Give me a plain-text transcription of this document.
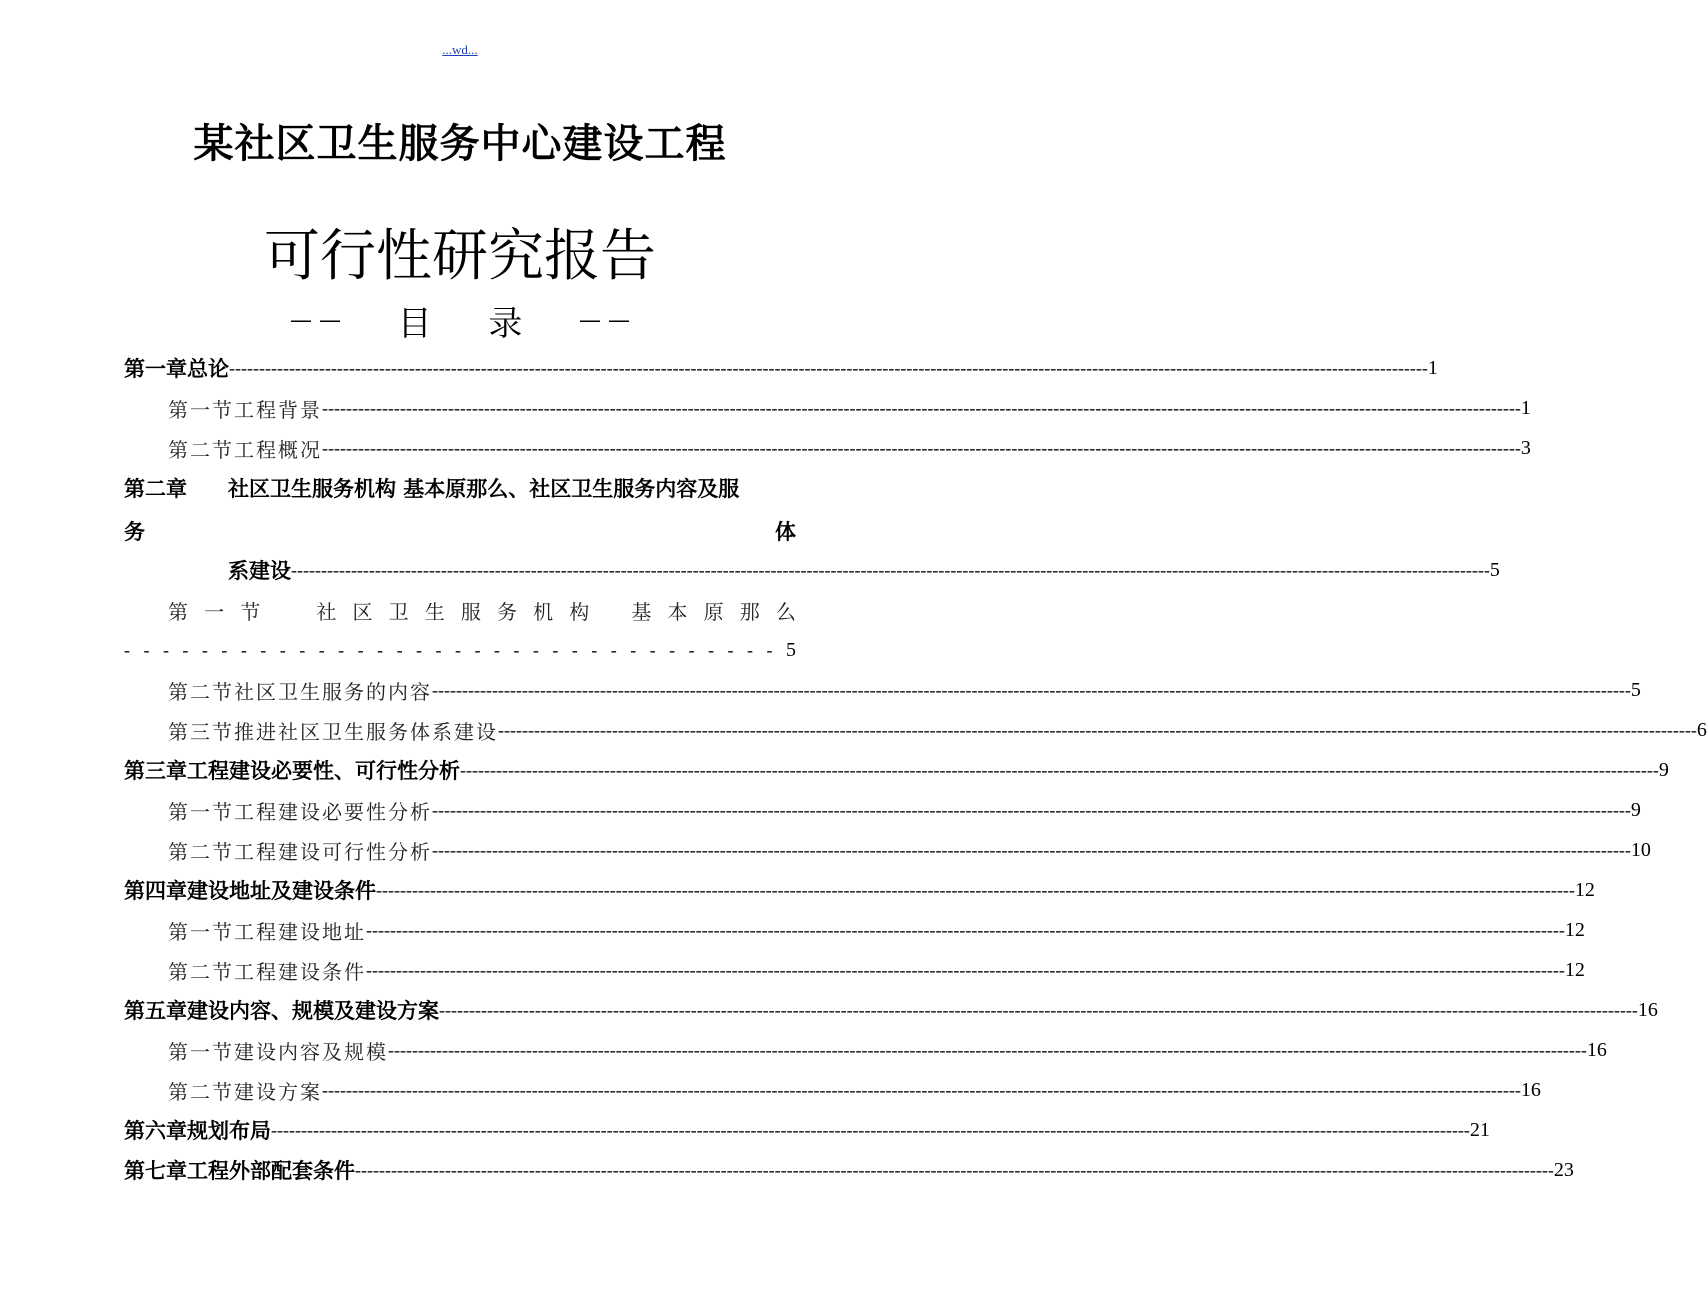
...wd...
某社区卫生服务中心建设工程
可行性研究报告
— — 目 录	— —
第一章 总论 -------------------------------------------------------------------------------------------------------------------------------------------------------------------------------------------------------- 1
第一节 工程背景 -------------------------------------------------------------------------------------------------------------------------------------------------------------------------------------------------------- 1
第二节 工程概况 -------------------------------------------------------------------------------------------------------------------------------------------------------------------------------------------------------- 3
第二章	社区卫生服务机构 基本原那么、社区卫生服务内容及服
务	体
系建设 -------------------------------------------------------------------------------------------------------------------------------------------------------------------------------------------------------- 5
第 一 节	社 区 卫 生 服 务 机 构 基 本 原 那 么
- - - - - - - - - - - - - - - - - - - - - - - - - - - - - - - - - - 5
第二节 社区卫生服务的内容 -------------------------------------------------------------------------------------------------------------------------------------------------------------------------------------------------------- 5
第三节 推进社区卫生服务体系建设 -------------------------------------------------------------------------------------------------------------------------------------------------------------------------------------------------------- 6
第三章 工程建设必要性、可行性分析 -------------------------------------------------------------------------------------------------------------------------------------------------------------------------------------------------------- 9
第一节 工程建设必要性分析 -------------------------------------------------------------------------------------------------------------------------------------------------------------------------------------------------------- 9
第二节 工程建设可行性分析 -------------------------------------------------------------------------------------------------------------------------------------------------------------------------------------------------------- 10
第四章 建设地址及建设条件 -------------------------------------------------------------------------------------------------------------------------------------------------------------------------------------------------------- 12
第一节 工程建设地址 -------------------------------------------------------------------------------------------------------------------------------------------------------------------------------------------------------- 12
第二节 工程建设条件 -------------------------------------------------------------------------------------------------------------------------------------------------------------------------------------------------------- 12
第五章 建设内容、规模及建设方案 -------------------------------------------------------------------------------------------------------------------------------------------------------------------------------------------------------- 16
第一节 建设内容及规模 -------------------------------------------------------------------------------------------------------------------------------------------------------------------------------------------------------- 16
第二节 建设方案 -------------------------------------------------------------------------------------------------------------------------------------------------------------------------------------------------------- 16
第六章 规划布局 -------------------------------------------------------------------------------------------------------------------------------------------------------------------------------------------------------- 21
第七章 工程外部配套条件 -------------------------------------------------------------------------------------------------------------------------------------------------------------------------------------------------------- 23
